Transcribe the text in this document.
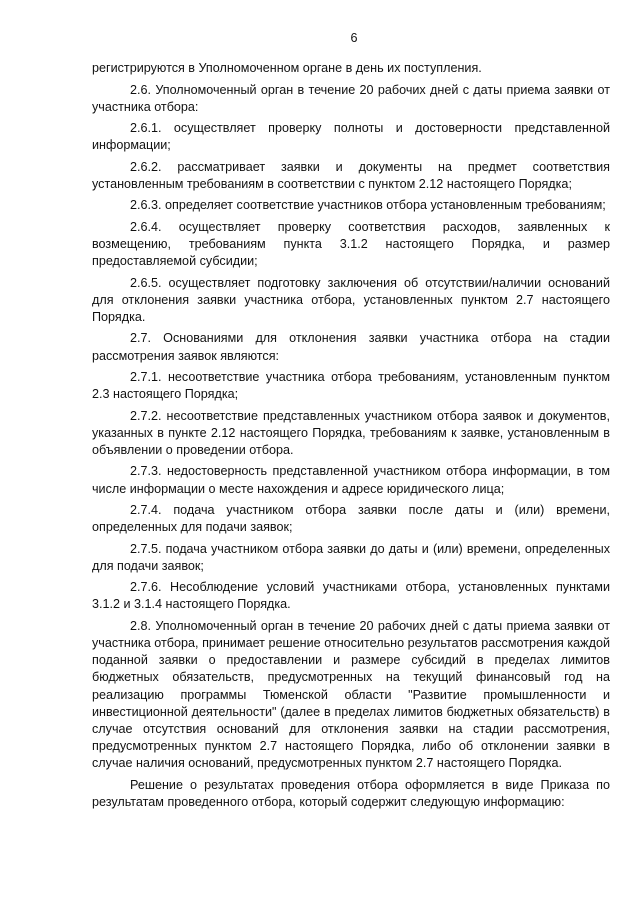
6

регистрируются в Уполномоченном органе в день их поступления.

2.6. Уполномоченный орган в течение 20 рабочих дней с даты приема заявки от участника отбора:

2.6.1. осуществляет проверку полноты и достоверности представленной информации;

2.6.2. рассматривает заявки и документы на предмет соответствия установленным требованиям в соответствии с пунктом 2.12 настоящего Порядка;

2.6.3. определяет соответствие участников отбора установленным требованиям;

2.6.4. осуществляет проверку соответствия расходов, заявленных к возмещению, требованиям пункта 3.1.2 настоящего Порядка, и размер предоставляемой субсидии;

2.6.5. осуществляет подготовку заключения об отсутствии/наличии оснований для отклонения заявки участника отбора, установленных пунктом 2.7 настоящего Порядка.

2.7. Основаниями для отклонения заявки участника отбора на стадии рассмотрения заявок являются:

2.7.1. несоответствие участника отбора требованиям, установленным пунктом 2.3 настоящего Порядка;

2.7.2. несоответствие представленных участником отбора заявок и документов, указанных в пункте 2.12 настоящего Порядка, требованиям к заявке, установленным в объявлении о проведении отбора.

2.7.3. недостоверность представленной участником отбора информации, в том числе информации о месте нахождения и адресе юридического лица;

2.7.4. подача участником отбора заявки после даты и (или) времени, определенных для подачи заявок;

2.7.5. подача участником отбора заявки до даты и (или) времени, определенных для подачи заявок;

2.7.6. Несоблюдение условий участниками отбора, установленных пунктами 3.1.2 и 3.1.4 настоящего Порядка.

2.8. Уполномоченный орган в течение 20 рабочих дней с даты приема заявки от участника отбора, принимает решение относительно результатов рассмотрения каждой поданной заявки о предоставлении и размере субсидий в пределах лимитов бюджетных обязательств, предусмотренных на текущий финансовый год на реализацию программы Тюменской области "Развитие промышленности и инвестиционной деятельности" (далее в пределах лимитов бюджетных обязательств) в случае отсутствия оснований для отклонения заявки на стадии рассмотрения, предусмотренных пунктом 2.7 настоящего Порядка, либо об отклонении заявки в случае наличия оснований, предусмотренных пунктом 2.7 настоящего Порядка.

Решение о результатах проведения отбора оформляется в виде Приказа по результатам проведенного отбора, который содержит следующую информацию:
